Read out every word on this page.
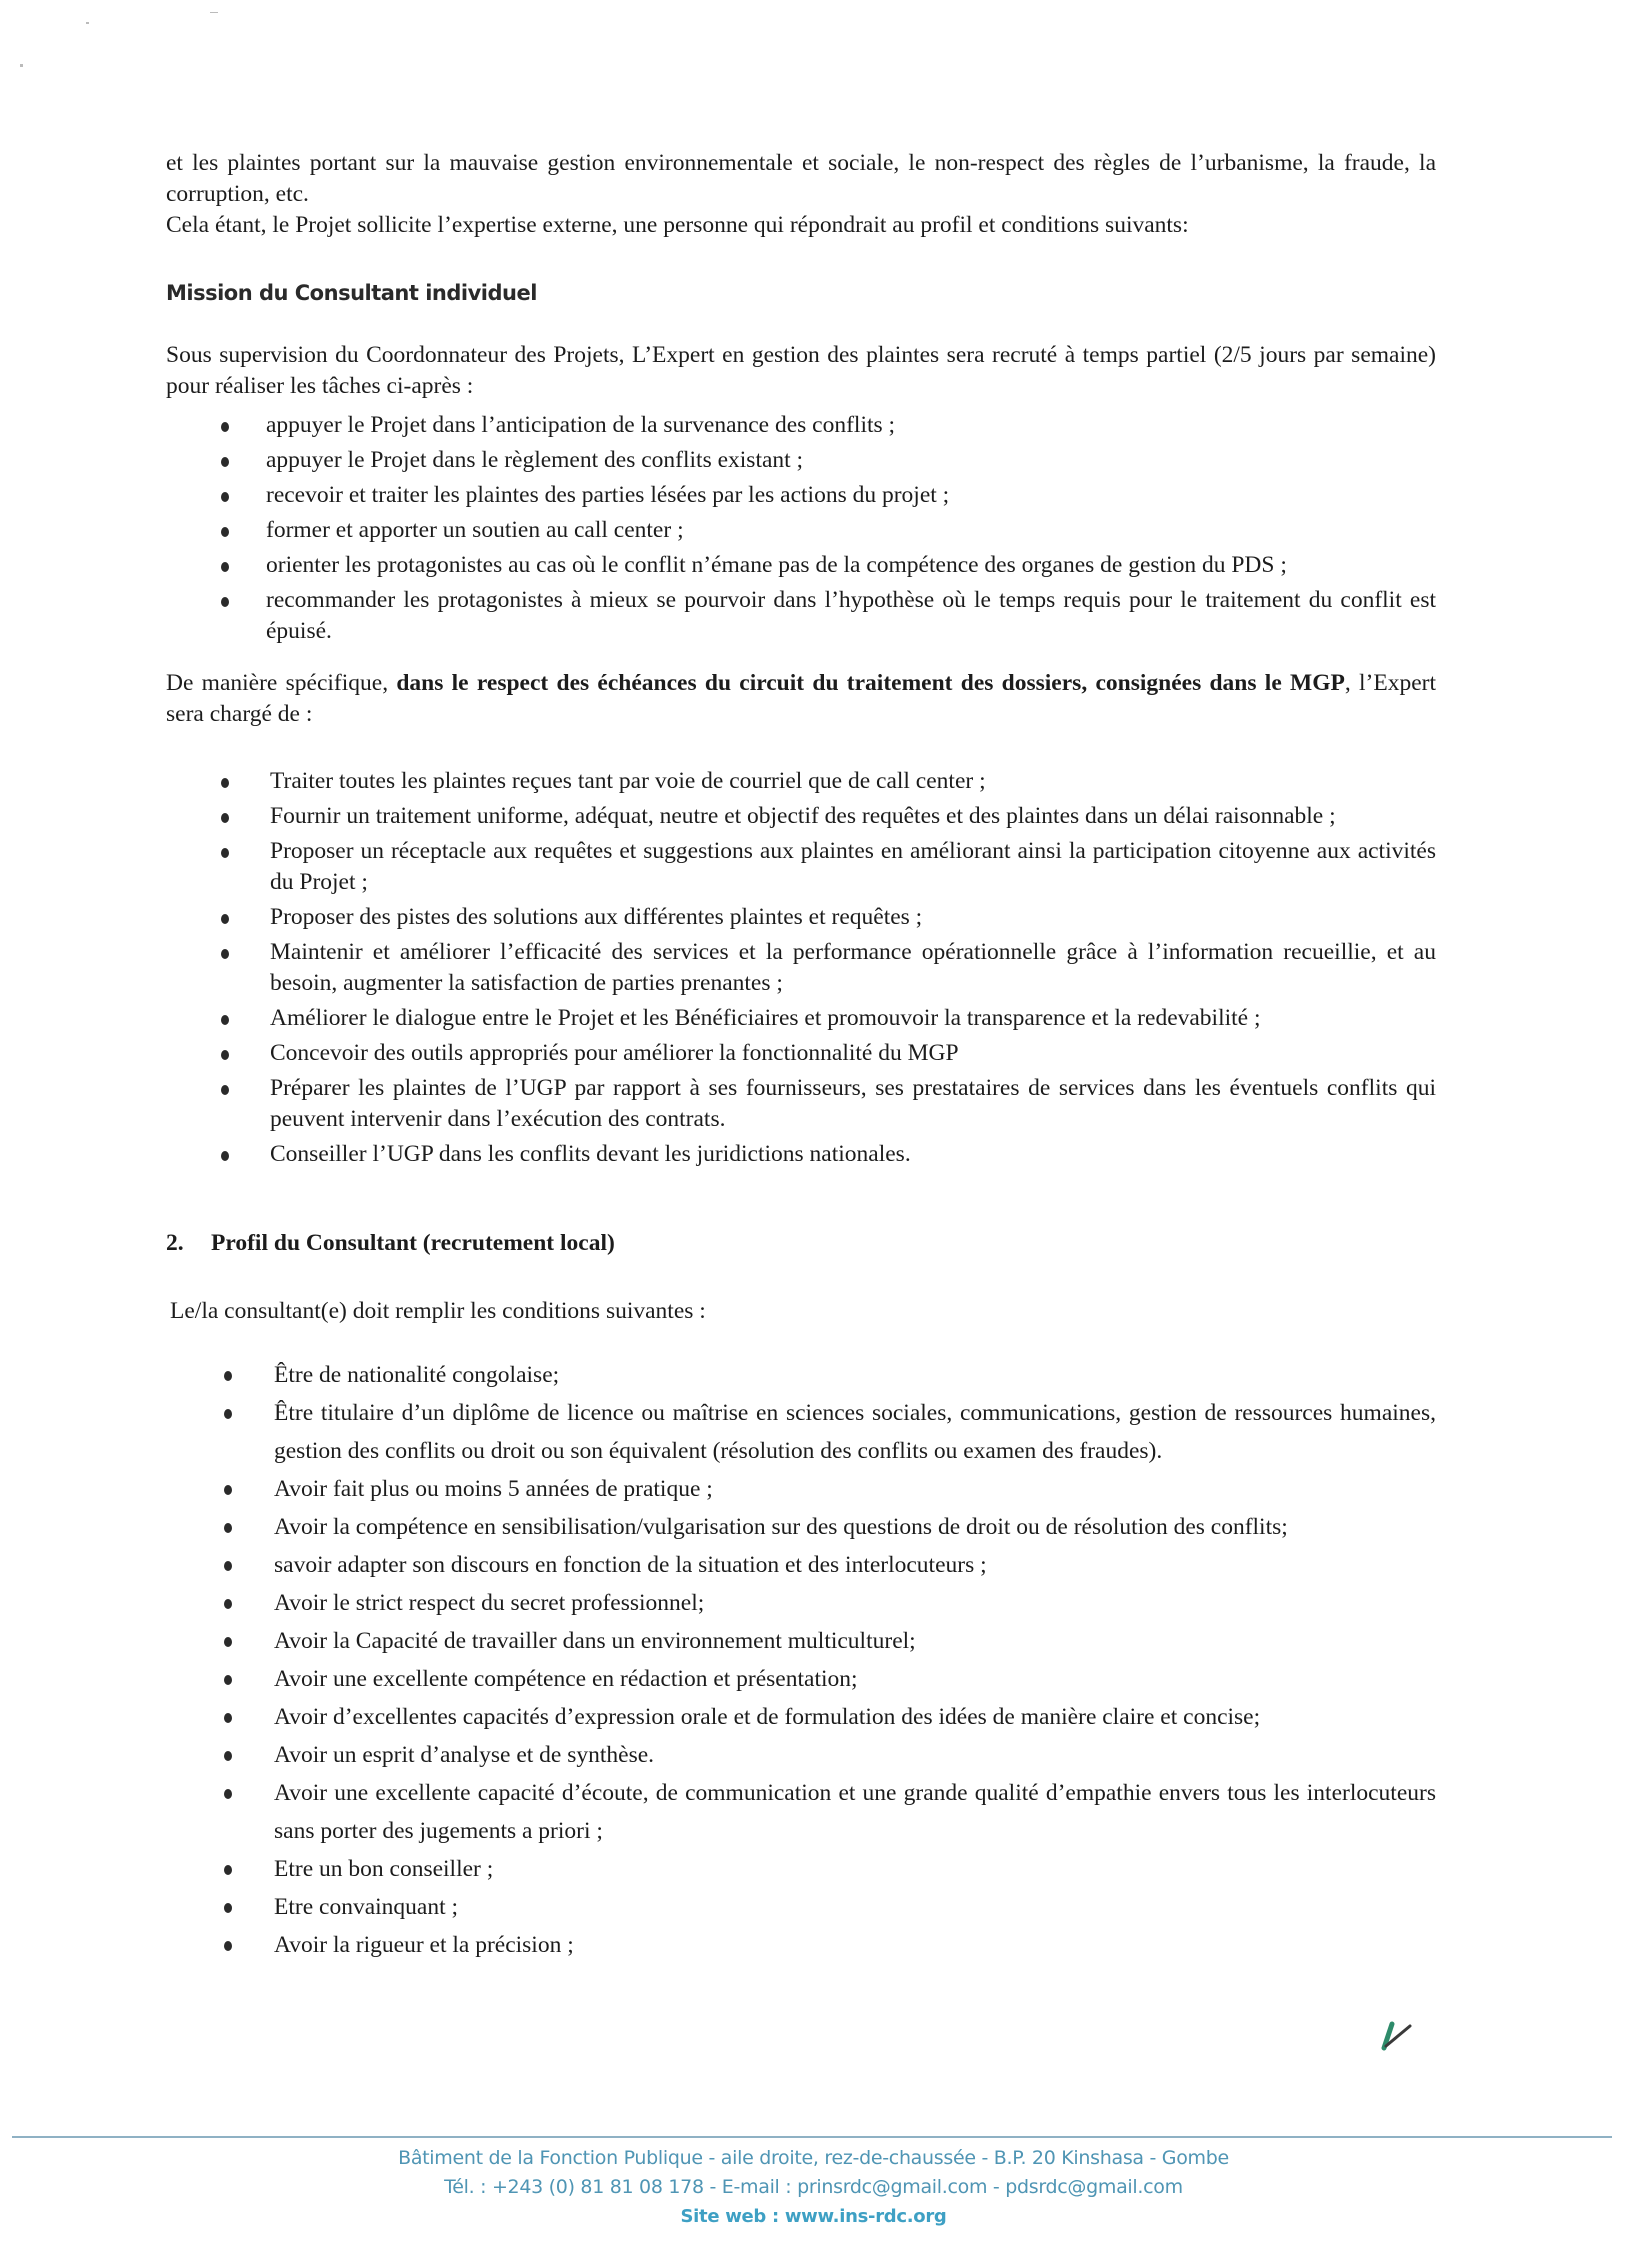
et les plaintes portant sur la mauvaise gestion environnementale et sociale, le non-respect des règles de l’urbanisme, la fraude, la corruption, etc.
Cela étant, le Projet sollicite l’expertise externe, une personne qui répondrait au profil et conditions suivants:
Mission du Consultant individuel
Sous supervision du Coordonnateur des Projets, L’Expert en gestion des plaintes sera recruté à temps partiel (2/5 jours par semaine) pour réaliser les tâches ci-après :
appuyer le Projet dans l’anticipation de la survenance des conflits ;
appuyer le Projet dans le règlement des conflits existant ;
recevoir et traiter les plaintes des parties lésées par les actions du projet ;
former et apporter un soutien au call center ;
orienter les protagonistes au cas où le conflit n’émane pas de la compétence des organes de gestion du PDS ;
recommander les protagonistes à mieux se pourvoir dans l’hypothèse où le temps requis pour le traitement du conflit est épuisé.
De manière spécifique, dans le respect des échéances du circuit du traitement des dossiers, consignées dans le MGP, l’Expert sera chargé de :
Traiter toutes les plaintes reçues tant par voie de courriel que de call center ;
Fournir un traitement uniforme, adéquat, neutre et objectif des requêtes et des plaintes dans un délai raisonnable ;
Proposer un réceptacle aux requêtes et suggestions aux plaintes en améliorant ainsi la participation citoyenne aux activités du Projet ;
Proposer des pistes des solutions aux différentes plaintes et requêtes ;
Maintenir et améliorer l’efficacité des services et la performance opérationnelle grâce à l’information recueillie, et au besoin, augmenter la satisfaction de parties prenantes ;
Améliorer le dialogue entre le Projet et les Bénéficiaires et promouvoir la transparence et la redevabilité ;
Concevoir des outils appropriés pour améliorer la fonctionnalité du MGP
Préparer les plaintes de l’UGP par rapport à ses fournisseurs, ses prestataires de services dans les éventuels conflits qui peuvent intervenir dans l’exécution des contrats.
Conseiller l’UGP dans les conflits devant les juridictions nationales.
2. Profil du Consultant (recrutement local)
Le/la consultant(e) doit remplir les conditions suivantes :
Être de nationalité congolaise;
Être titulaire d’un diplôme de licence ou maîtrise en sciences sociales, communications, gestion de ressources humaines, gestion des conflits ou droit ou son équivalent (résolution des conflits ou examen des fraudes).
Avoir fait plus ou moins 5 années de pratique ;
Avoir la compétence en sensibilisation/vulgarisation sur des questions de droit ou de résolution des conflits;
savoir adapter son discours en fonction de la situation et des interlocuteurs ;
Avoir le strict respect du secret professionnel;
Avoir la Capacité de travailler dans un environnement multiculturel;
Avoir une excellente compétence en rédaction et présentation;
Avoir d’excellentes capacités d’expression orale et de formulation des idées de manière claire et concise;
Avoir un esprit d’analyse et de synthèse.
Avoir une excellente capacité d’écoute, de communication et une grande qualité d’empathie envers tous les interlocuteurs sans porter des jugements a priori ;
Etre un bon conseiller ;
Etre convainquant ;
Avoir la rigueur et la précision ;
Bâtiment de la Fonction Publique - aile droite, rez-de-chaussée - B.P. 20 Kinshasa - Gombe
Tél. : +243 (0) 81 81 08 178 - E-mail : prinsrdc@gmail.com - pdsrdc@gmail.com
Site web : www.ins-rdc.org
